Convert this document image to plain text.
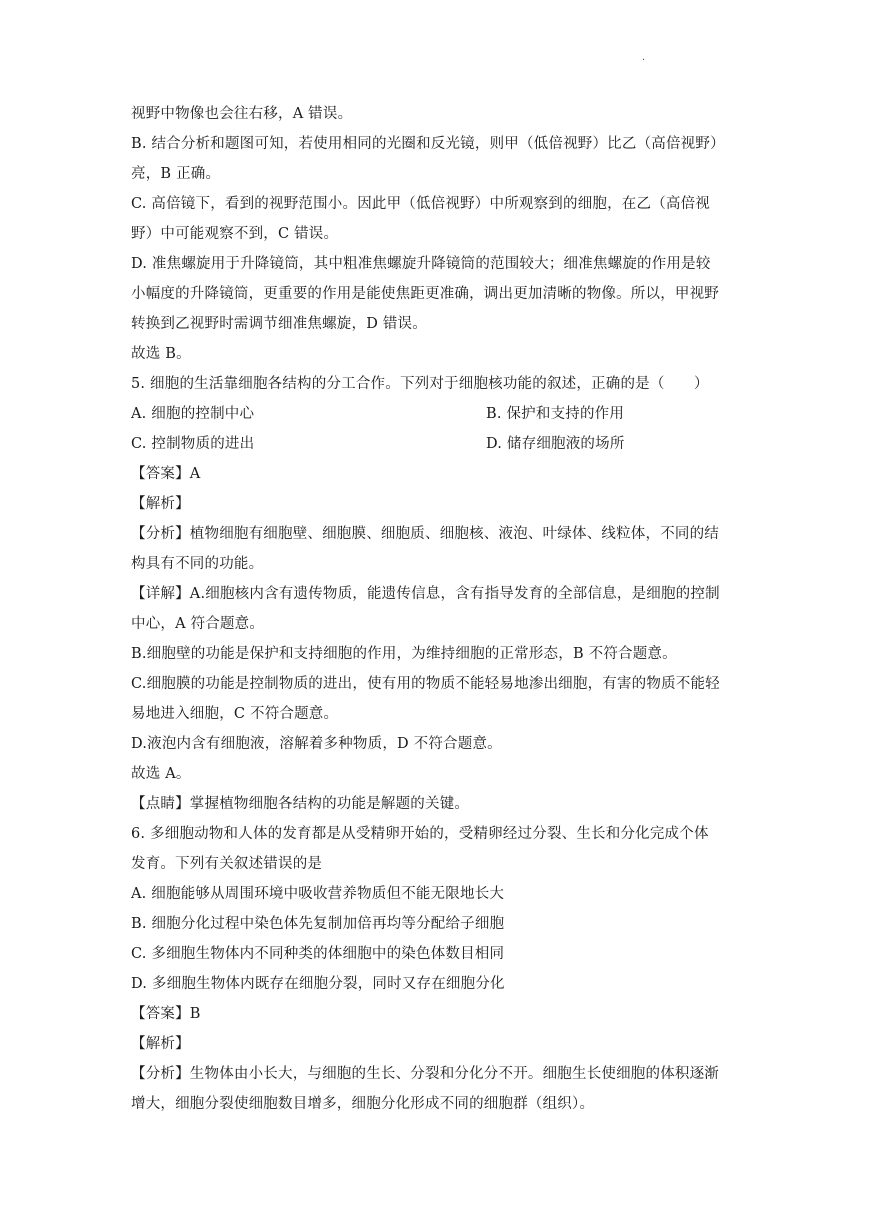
.
视野中物像也会往右移，A 错误。
B. 结合分析和题图可知，若使用相同的光圈和反光镜，则甲（低倍视野）比乙（高倍视野）
亮，B 正确。
C. 高倍镜下，看到的视野范围小。因此甲（低倍视野）中所观察到的细胞，在乙（高倍视
野）中可能观察不到，C 错误。
D. 准焦螺旋用于升降镜筒，其中粗准焦螺旋升降镜筒的范围较大；细准焦螺旋的作用是较
小幅度的升降镜筒，更重要的作用是能使焦距更准确，调出更加清晰的物像。所以，甲视野
转换到乙视野时需调节细准焦螺旋，D 错误。
故选 B。
5. 细胞的生活靠细胞各结构的分工合作。下列对于细胞核功能的叙述，正确的是（　　）
A. 细胞的控制中心	B. 保护和支持的作用
C. 控制物质的进出	D. 储存细胞液的场所
【答案】A
【解析】
【分析】植物细胞有细胞壁、细胞膜、细胞质、细胞核、液泡、叶绿体、线粒体，不同的结
构具有不同的功能。
【详解】A.细胞核内含有遗传物质，能遗传信息，含有指导发育的全部信息，是细胞的控制
中心，A 符合题意。
B.细胞壁的功能是保护和支持细胞的作用，为维持细胞的正常形态，B 不符合题意。
C.细胞膜的功能是控制物质的进出，使有用的物质不能轻易地渗出细胞，有害的物质不能轻
易地进入细胞，C 不符合题意。
D.液泡内含有细胞液，溶解着多种物质，D 不符合题意。
故选 A。
【点睛】掌握植物细胞各结构的功能是解题的关键。
6. 多细胞动物和人体的发育都是从受精卵开始的，受精卵经过分裂、生长和分化完成个体
发育。下列有关叙述错误的是
A. 细胞能够从周围环境中吸收营养物质但不能无限地长大
B. 细胞分化过程中染色体先复制加倍再均等分配给子细胞
C. 多细胞生物体内不同种类的体细胞中的染色体数目相同
D. 多细胞生物体内既存在细胞分裂，同时又存在细胞分化
【答案】B
【解析】
【分析】生物体由小长大，与细胞的生长、分裂和分化分不开。细胞生长使细胞的体积逐渐
增大，细胞分裂使细胞数目增多，细胞分化形成不同的细胞群（组织）。
